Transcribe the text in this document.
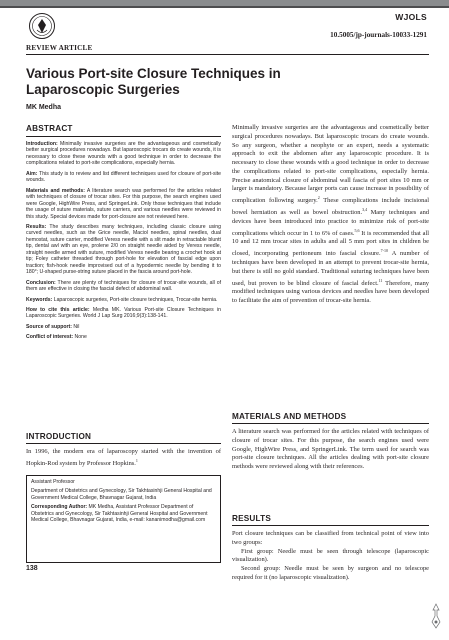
WJOLS
10.5005/jp-journals-10033-1291
REVIEW ARTICLE
Various Port-site Closure Techniques in Laparoscopic Surgeries
MK Medha
ABSTRACT

Introduction: Minimally invasive surgeries are the advantageous and cosmetically better surgical procedures nowadays. But laparoscopic trocars do create wounds, it is necessary to close these wounds with a good technique in order to decrease the complications related to port-site complications, especially hernia.

Aim: This study is to review and list different techniques used for closure of port-site wounds.

Materials and methods: A literature search was performed for the articles related with techniques of closure of trocar sites. For this purpose, the search engines used were Google, HighWire Press, and SpringerLink. Only those techniques that include the usage of suture materials, suture carriers, and various needles were reviewed in this study. Special devices made for port-closure are not reviewed here.

Results: The study describes many techniques, including classic closure using curved needles, such as the Grice needle, Maciol needles, spinal needles, dual hemostat, suture carrier, modified Veress needle with a slit made in retractable bluntt tip, dental awl with an eye, prolene 2/0 on straight needle aided by Veress needle, straight needle armed with suture, modified Veress needle bearing a crochet hook at tip; Foley catheter threaded through port-hole for elevation of fascial edge upon traction; fish-hook needle improvised out of a hypodermic needle by bending it to 180°; U-shaped purse-string suture placed in the fascia around port-hole.

Conclusion: There are plenty of techniques for closure of trocar-site wounds, all of them are effective in closing the fascial defect of abdominal wall.

Keywords: Laparoscopic surgeries, Port-site closure techniques, Trocar-site hernia.

How to cite this article: Medha MK. Various Port-site Closure Techniques in Laparoscopic Surgeries. World J Lap Surg 2016;9(3):138-141.

Source of support: Nil

Conflict of interest: None

INTRODUCTION

In 1996, the modern era of laparoscopy started with the invention of Hopkin-Rod system by Professor Hopkins.$^1$

Assistant Professor

Department of Obstetrics and Gynecology, Sir Takhtasinhji General Hospital and Government Medical College, Bhavnagar Gujarat, India

Corresponding Author: MK Medha, Assistant Professor Department of Obstetrics and Gynecology, Sir Takhtasinhji General Hospital and Government Medical College, Bhavnagar Gujarat, India, e-mail: kananimodha@gmail.com

138

Minimally invasive surgeries are the advantageous and cosmetically better surgical procedures nowadays. But laparoscopic trocars do create wounds. So any surgeon, whether a neophyte or an expert, needs a systematic approach to exit the abdomen after any laparoscopic procedure. It is necessary to close these wounds with a good technique in order to decrease the complications related to port-site complications, especially hernia. Precise anatomical closure of abdominal wall fascia of port sites 10 mm or larger is mandatory. Because larger ports can cause increase in possibility of complication following surgery.$^2$ These complications include incisional bowel herniation as well as bowel obstruction.$^{3,4}$ Many techniques and devices have been introduced into practice to minimize risk of port-site complications which occur in 1 to 6% of cases.$^{5,6}$ It is recommended that all 10 and 12 mm trocar sites in adults and all 5 mm port sites in children be closed, incorporating peritoneum into fascial closure.$^{7-10}$ A number of techniques have been developed in an attempt to prevent trocar-site hernia, but there is still no gold standard. Traditional suturing techniques have been used, but proven to be blind closure of fascial defect.$^{11}$ Therefore, many modified techniques using various devices and needles have been developed to facilitate the aim of prevention of trocar-site hernia.

MATERIALS AND METHODS

A literature search was performed for the articles related with techniques of closure of trocar sites. For this purpose, the search engines used were Google, HighWire Press, and SpringerLink. The term used for search was port-site closure techniques. All the articles dealing with port-site closure methods were reviewed along with their references.

RESULTS

Port closure techniques can be classified from technical point of view into two groups:

First group: Needle must be seen through telescope (laparoscopic visualization).

Second group: Needle must be seen by surgeon and no telescope required for it (no laparoscopic visualization).
